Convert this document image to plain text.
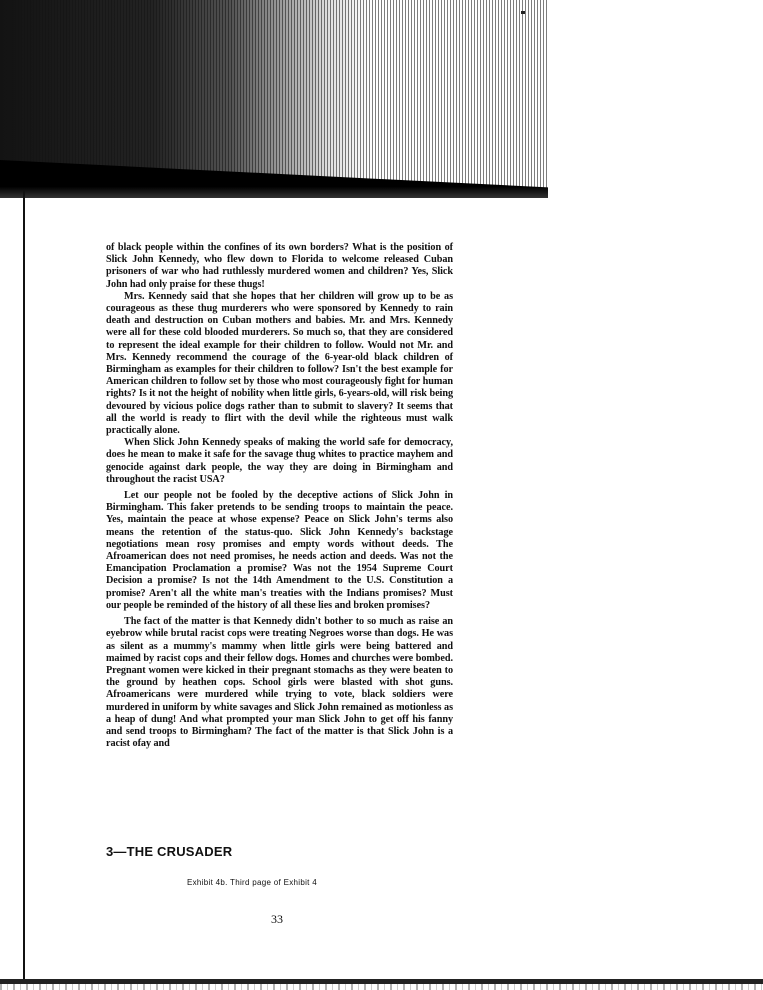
of black people within the confines of its own borders? What is the position of Slick John Kennedy, who flew down to Florida to welcome released Cuban prisoners of war who had ruthlessly murdered women and children? Yes, Slick John had only praise for these thugs!

Mrs. Kennedy said that she hopes that her children will grow up to be as courageous as these thug murderers who were sponsored by Kennedy to rain death and destruction on Cuban mothers and babies. Mr. and Mrs. Kennedy were all for these cold blooded murderers. So much so, that they are considered to represent the ideal example for their children to follow. Would not Mr. and Mrs. Kennedy recommend the courage of the 6-year-old black children of Birmingham as examples for their children to follow? Isn't the best example for American children to follow set by those who most courageously fight for human rights? Is it not the height of nobility when little girls, 6-years-old, will risk being devoured by vicious police dogs rather than to submit to slavery? It seems that all the world is ready to flirt with the devil while the righteous must walk practically alone.

When Slick John Kennedy speaks of making the world safe for democracy, does he mean to make it safe for the savage thug whites to practice mayhem and genocide against dark people, the way they are doing in Birmingham and throughout the racist USA?

Let our people not be fooled by the deceptive actions of Slick John in Birmingham. This faker pretends to be sending troops to maintain the peace. Yes, maintain the peace at whose expense? Peace on Slick John's terms also means the retention of the status-quo. Slick John Kennedy's backstage negotiations mean rosy promises and empty words without deeds. The Afroamerican does not need promises, he needs action and deeds. Was not the Emancipation Proclamation a promise? Was not the 1954 Supreme Court Decision a promise? Is not the 14th Amendment to the U.S. Constitution a promise? Aren't all the white man's treaties with the Indians promises? Must our people be reminded of the history of all these lies and broken promises?

The fact of the matter is that Kennedy didn't bother to so much as raise an eyebrow while brutal racist cops were treating Negroes worse than dogs. He was as silent as a mummy's mammy when little girls were being battered and maimed by racist cops and their fellow dogs. Homes and churches were bombed. Pregnant women were kicked in their pregnant stomachs as they were beaten to the ground by heathen cops. School girls were blasted with shot guns. Afroamericans were murdered while trying to vote, black soldiers were murdered in uniform by white savages and Slick John remained as motionless as a heap of dung! And what prompted your man Slick John to get off his fanny and send troops to Birmingham? The fact of the matter is that Slick John is a racist ofay and

3—THE CRUSADER
Exhibit 4b. Third page of Exhibit 4
33
